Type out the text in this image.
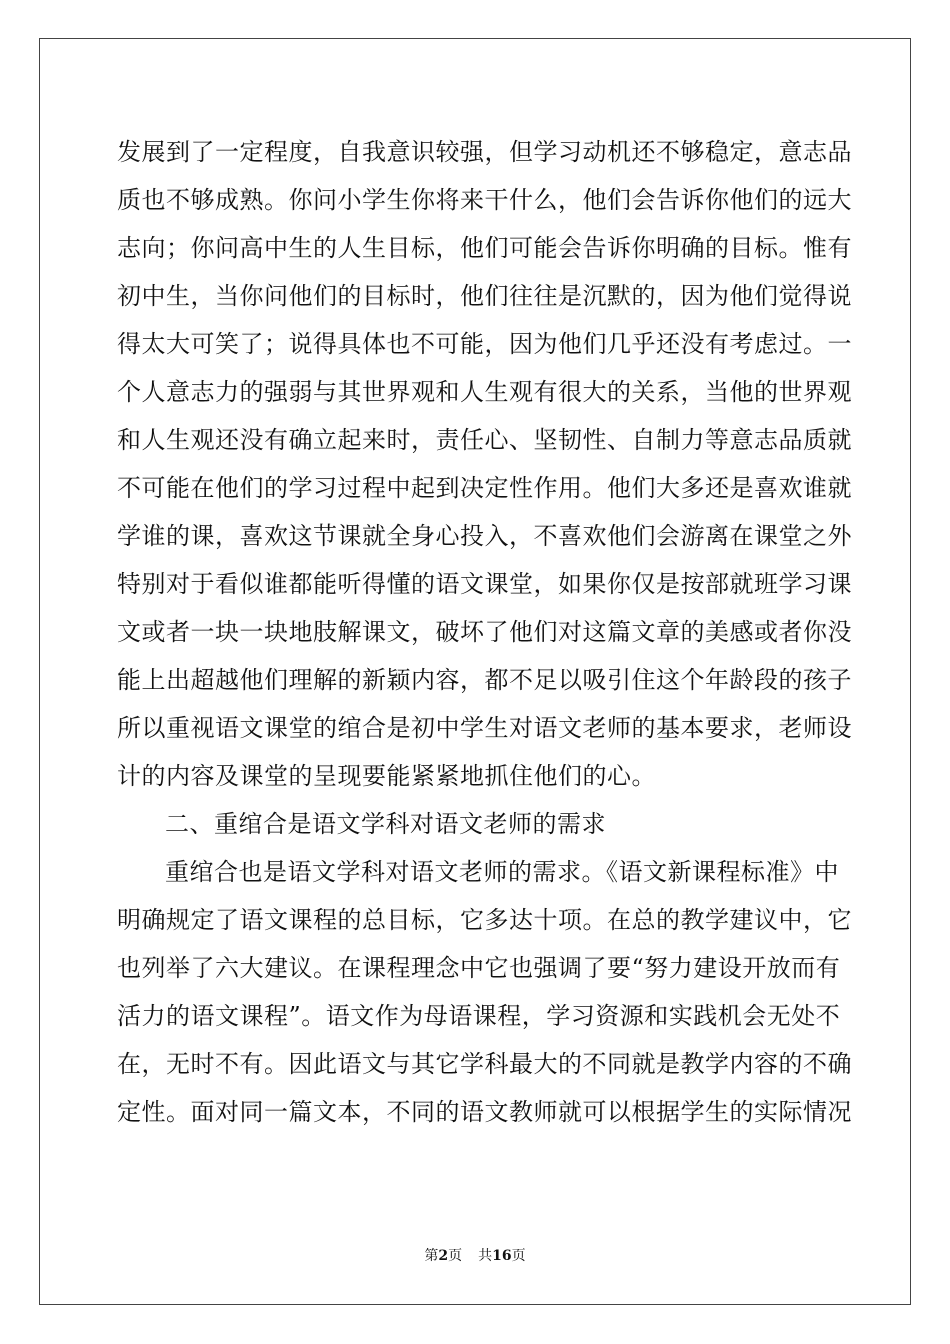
发展到了一定程度，自我意识较强，但学习动机还不够稳定，意志品
质也不够成熟。你问小学生你将来干什么，他们会告诉你他们的远大
志向；你问高中生的人生目标，他们可能会告诉你明确的目标。惟有
初中生，当你问他们的目标时，他们往往是沉默的，因为他们觉得说
得太大可笑了；说得具体也不可能，因为他们几乎还没有考虑过。一
个人意志力的强弱与其世界观和人生观有很大的关系，当他的世界观
和人生观还没有确立起来时，责任心、坚韧性、自制力等意志品质就
不可能在他们的学习过程中起到决定性作用。他们大多还是喜欢谁就
学谁的课，喜欢这节课就全身心投入，不喜欢他们会游离在课堂之外
特别对于看似谁都能听得懂的语文课堂，如果你仅是按部就班学习课
文或者一块一块地肢解课文，破坏了他们对这篇文章的美感或者你没
能上出超越他们理解的新颖内容，都不足以吸引住这个年龄段的孩子
所以重视语文课堂的绾合是初中学生对语文老师的基本要求，老师设
计的内容及课堂的呈现要能紧紧地抓住他们的心。
二、重绾合是语文学科对语文老师的需求
重绾合也是语文学科对语文老师的需求。《语文新课程标准》中
明确规定了语文课程的总目标，它多达十项。在总的教学建议中，它
也列举了六大建议。在课程理念中它也强调了要“努力建设开放而有
活力的语文课程”。语文作为母语课程，学习资源和实践机会无处不
在，无时不有。因此语文与其它学科最大的不同就是教学内容的不确
定性。面对同一篇文本，不同的语文教师就可以根据学生的实际情况
第2页 共16页
